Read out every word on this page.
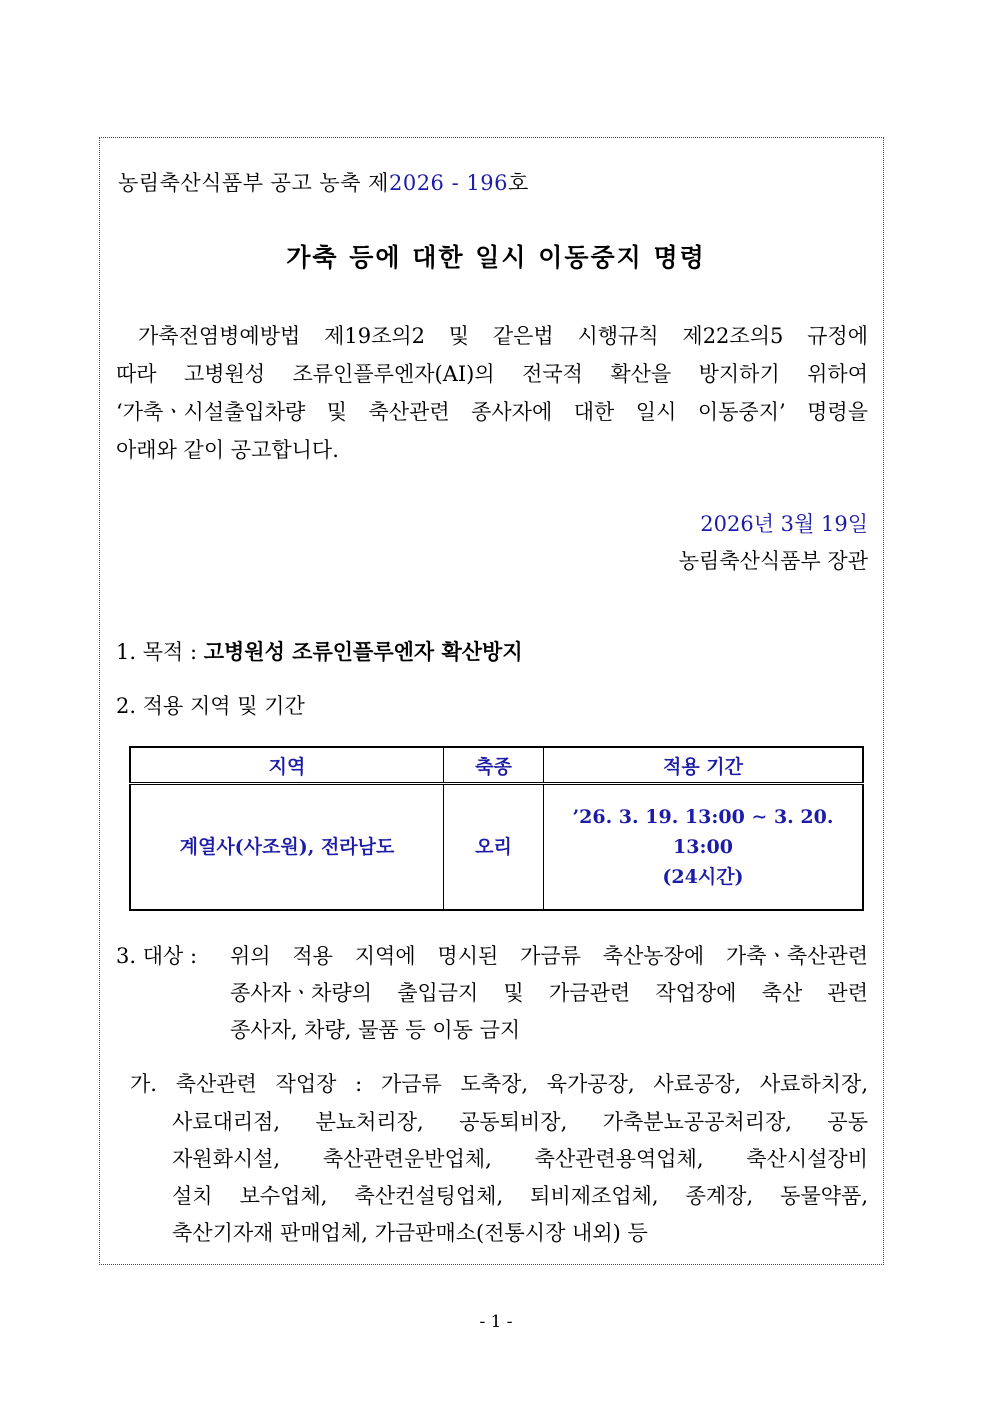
농림축산식품부 공고 농축 제2026 - 196호
가축 등에 대한 일시 이동중지 명령
가축전염병예방법 제19조의2 및 같은법 시행규칙 제22조의5 규정에
따라 고병원성 조류인플루엔자(AI)의 전국적 확산을 방지하기 위하여
‘가축ㆍ시설출입차량 및 축산관련 종사자에 대한 일시 이동중지’ 명령을
아래와 같이 공고합니다.
2026년 3월 19일
농림축산식품부 장관
1. 목적 : 고병원성 조류인플루엔자 확산방지
2. 적용 지역 및 기간
지역	축종	적용 기간
계열사(사조원), 전라남도	오리	’26. 3. 19. 13:00 ∼ 3. 20. 13:00
(24시간)
3. 대상 : 위의 적용 지역에 명시된 가금류 축산농장에 가축ㆍ축산관련
종사자ㆍ차량의 출입금지 및 가금관련 작업장에 축산 관련
종사자, 차량, 물품 등 이동 금지
가. 축산관련 작업장 : 가금류 도축장, 육가공장, 사료공장, 사료하치장,
사료대리점, 분뇨처리장, 공동퇴비장, 가축분뇨공공처리장, 공동
자원화시설, 축산관련운반업체, 축산관련용역업체, 축산시설장비
설치 보수업체, 축산컨설팅업체, 퇴비제조업체, 종계장, 동물약품,
축산기자재 판매업체, 가금판매소(전통시장 내외) 등
- 1 -
